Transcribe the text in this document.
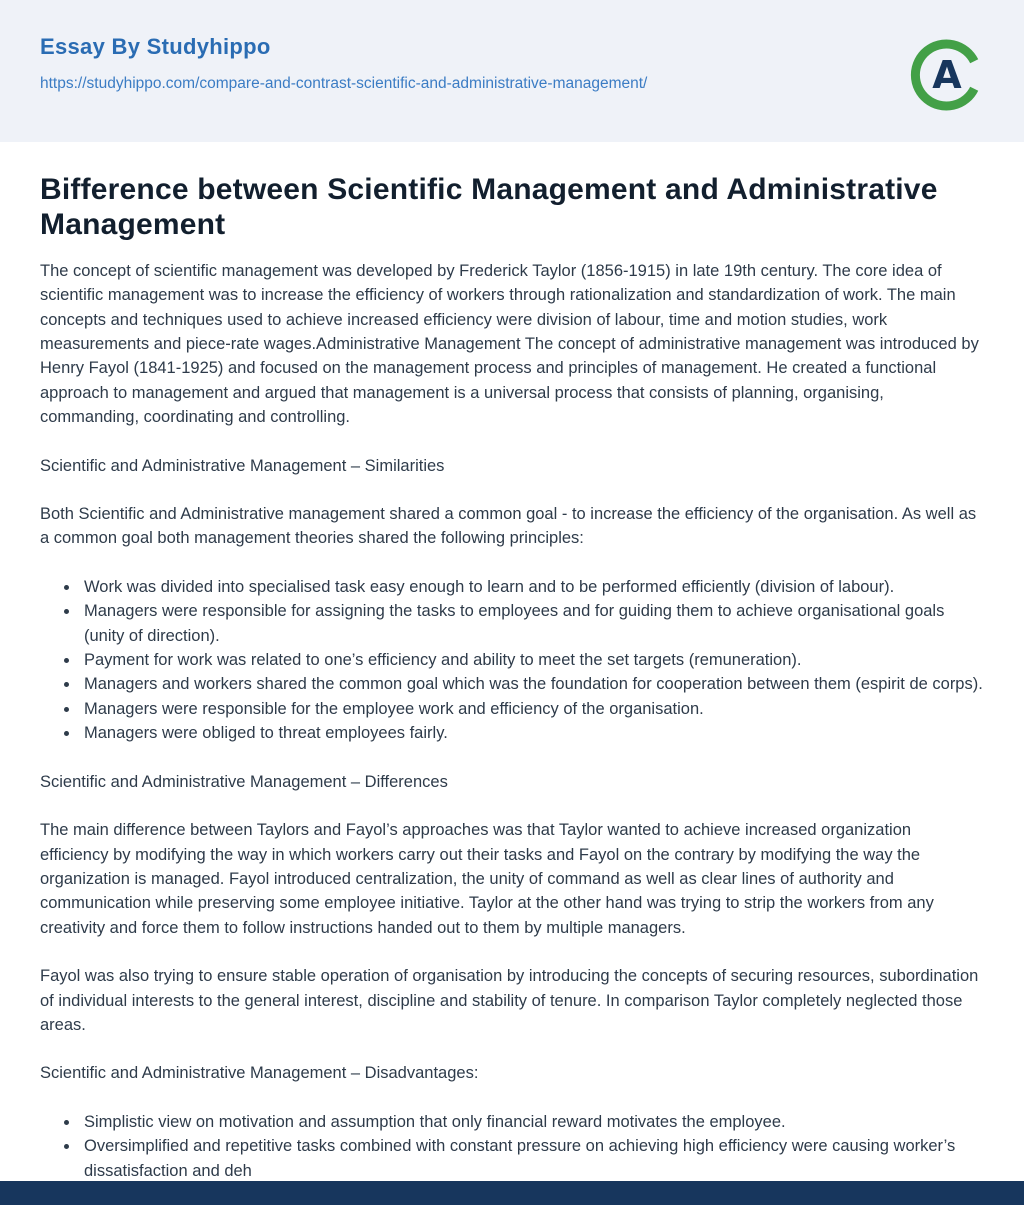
Essay By Studyhippo
https://studyhippo.com/compare-and-contrast-scientific-and-administrative-management/	A
Bifference between Scientific Management and Administrative Management

The concept of scientific management was developed by Frederick Taylor (1856-1915) in late 19th century. The core idea of scientific management was to increase the efficiency of workers through rationalization and standardization of work. The main concepts and techniques used to achieve increased efficiency were division of labour, time and motion studies, work measurements and piece-rate wages.Administrative Management The concept of administrative management was introduced by Henry Fayol (1841-1925) and focused on the management process and principles of management. He created a functional approach to management and argued that management is a universal process that consists of planning, organising, commanding, coordinating and controlling.

Scientific and Administrative Management – Similarities

Both Scientific and Administrative management shared a common goal - to increase the efficiency of the organisation. As well as a common goal both management theories shared the following principles:

• Work was divided into specialised task easy enough to learn and to be performed efficiently (division of labour).
• Managers were responsible for assigning the tasks to employees and for guiding them to achieve organisational goals (unity of direction).
• Payment for work was related to one’s efficiency and ability to meet the set targets (remuneration).
• Managers and workers shared the common goal which was the foundation for cooperation between them (espirit de corps).
• Managers were responsible for the employee work and efficiency of the organisation.
• Managers were obliged to threat employees fairly.
Scientific and Administrative Management – Differences

The main difference between Taylors and Fayol’s approaches was that Taylor wanted to achieve increased organization efficiency by modifying the way in which workers carry out their tasks and Fayol on the contrary by modifying the way the organization is managed. Fayol introduced centralization, the unity of command as well as clear lines of authority and communication while preserving some employee initiative. Taylor at the other hand was trying to strip the workers from any creativity and force them to follow instructions handed out to them by multiple managers.

Fayol was also trying to ensure stable operation of organisation by introducing the concepts of securing resources, subordination of individual interests to the general interest, discipline and stability of tenure. In comparison Taylor completely neglected those areas.

Scientific and Administrative Management – Disadvantages:
• Simplistic view on motivation and assumption that only financial reward motivates the employee.
• Oversimplified and repetitive tasks combined with constant pressure on achieving high efficiency were causing worker’s dissatisfaction and deh
